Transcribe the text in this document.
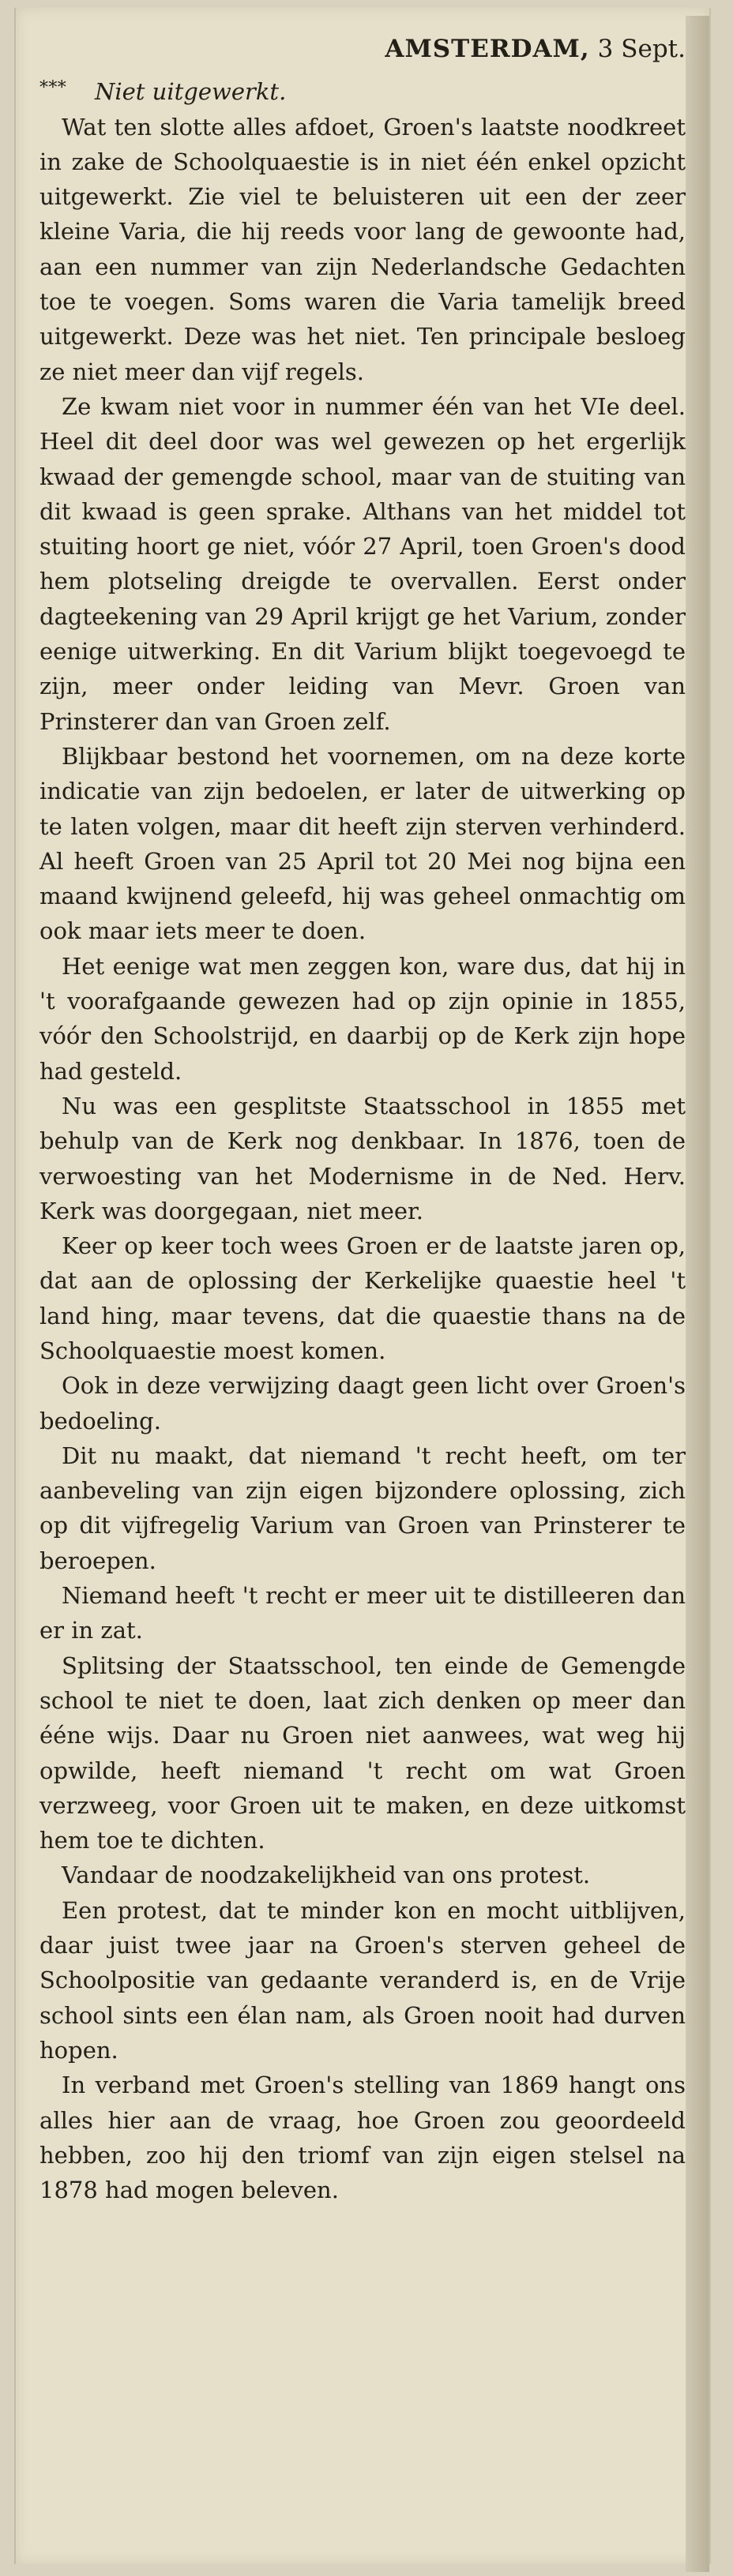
AMSTERDAM, 3 Sept.
* * * Niet uitgewerkt.

Wat ten slotte alles afdoet, Groen's laatste noodkreet in zake de Schoolquaestie is in niet één enkel opzicht uitgewerkt. Zie viel te beluisteren uit een der zeer kleine Varia, die hij reeds voor lang de gewoonte had, aan een nummer van zijn Nederlandsche Gedachten toe te voegen. Soms waren die Varia tamelijk breed uitgewerkt. Deze was het niet. Ten principale besloeg ze niet meer dan vijf regels.

Ze kwam niet voor in nummer één van het VIe deel. Heel dit deel door was wel gewezen op het ergerlijk kwaad der gemengde school, maar van de stuiting van dit kwaad is geen sprake. Althans van het middel tot stuiting hoort ge niet, vóór 27 April, toen Groen's dood hem plotseling dreigde te overvallen. Eerst onder dagteekening van 29 April krijgt ge het Varium, zonder eenige uitwerking. En dit Varium blijkt toegevoegd te zijn, meer onder leiding van Mevr. Groen van Prinsterer dan van Groen zelf.

Blijkbaar bestond het voornemen, om na deze korte indicatie van zijn bedoelen, er later de uitwerking op te laten volgen, maar dit heeft zijn sterven verhinderd. Al heeft Groen van 25 April tot 20 Mei nog bijna een maand kwijnend geleefd, hij was geheel onmachtig om ook maar iets meer te doen.

Het eenige wat men zeggen kon, ware dus, dat hij in 't voorafgaande gewezen had op zijn opinie in 1855, vóór den Schoolstrijd, en daarbij op de Kerk zijn hope had gesteld.

Nu was een gesplitste Staatsschool in 1855 met behulp van de Kerk nog denkbaar. In 1876, toen de verwoesting van het Modernisme in de Ned. Herv. Kerk was doorgegaan, niet meer.

Keer op keer toch wees Groen er de laatste jaren op, dat aan de oplossing der Kerkelijke quaestie heel 't land hing, maar tevens, dat die quaestie thans na de Schoolquaestie moest komen.

Ook in deze verwijzing daagt geen licht over Groen's bedoeling.

Dit nu maakt, dat niemand 't recht heeft, om ter aanbeveling van zijn eigen bijzondere oplossing, zich op dit vijfregelig Varium van Groen van Prinsterer te beroepen.

Niemand heeft 't recht er meer uit te distilleeren dan er in zat.

Splitsing der Staatsschool, ten einde de Gemengde school te niet te doen, laat zich denken op meer dan ééne wijs. Daar nu Groen niet aanwees, wat weg hij opwilde, heeft niemand 't recht om wat Groen verzweeg, voor Groen uit te maken, en deze uitkomst hem toe te dichten.

Vandaar de noodzakelijkheid van ons protest.

Een protest, dat te minder kon en mocht uitblijven, daar juist twee jaar na Groen's sterven geheel de Schoolpositie van gedaante veranderd is, en de Vrije school sints een élan nam, als Groen nooit had durven hopen.

In verband met Groen's stelling van 1869 hangt ons alles hier aan de vraag, hoe Groen zou geoordeeld hebben, zoo hij den triomf van zijn eigen stelsel na 1878 had mogen beleven.
